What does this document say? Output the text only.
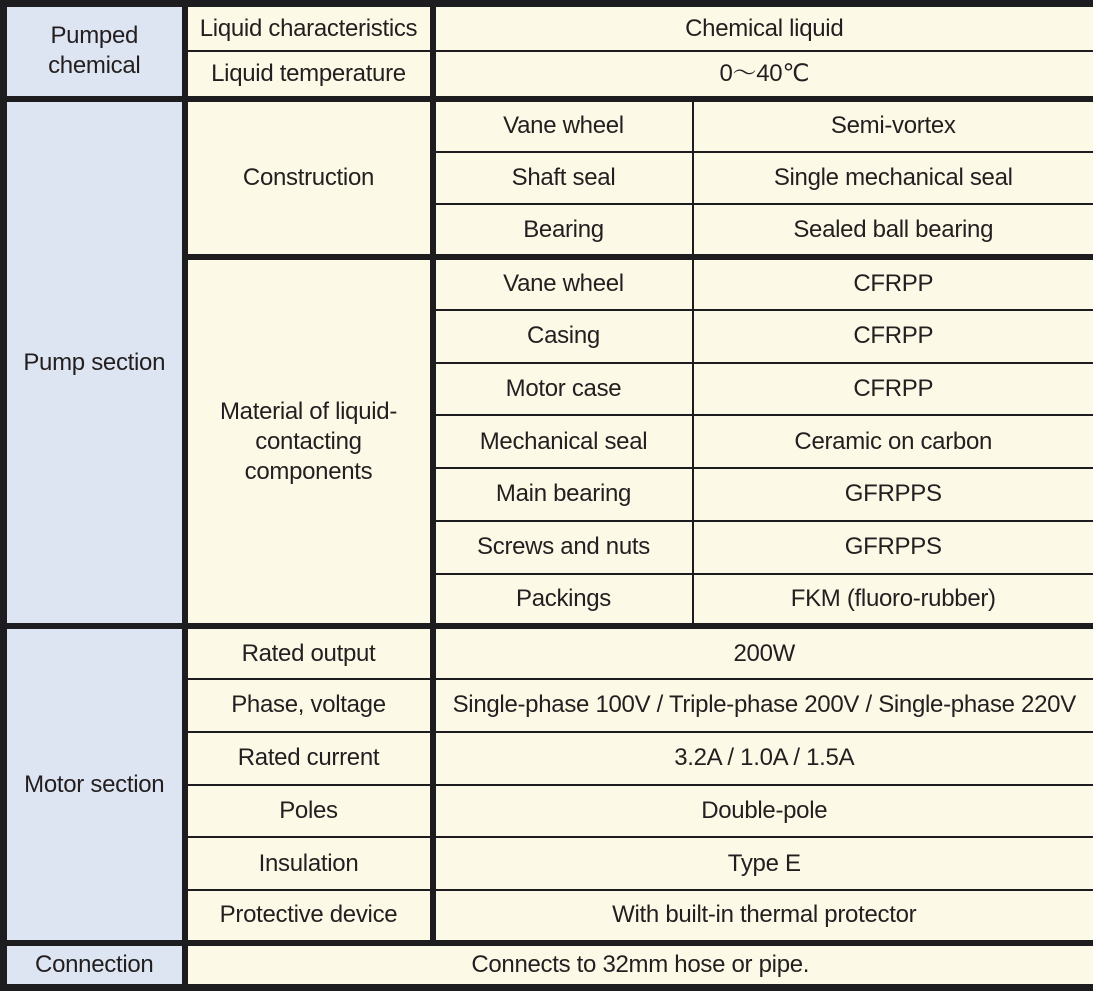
Pumped chemical	Liquid characteristics	Chemical liquid	
	Liquid temperature	0〜40℃	
Pump section	Construction	Vane wheel	Semi-vortex
		Shaft seal	Single mechanical seal
		Bearing	Sealed ball bearing
	Material of liquid-contacting components	Vane wheel	CFRPP
		Casing	CFRPP
		Motor case	CFRPP
		Mechanical seal	Ceramic on carbon
		Main bearing	GFRPPS
		Screws and nuts	GFRPPS
		Packings	FKM (fluoro-rubber)
Motor section	Rated output	200W	
	Phase, voltage	Single-phase 100V / Triple-phase 200V / Single-phase 220V	
	Rated current	3.2A / 1.0A / 1.5A	
	Poles	Double-pole	
	Insulation	Type E	
	Protective device	With built-in thermal protector	
Connection	Connects to 32mm hose or pipe.		
